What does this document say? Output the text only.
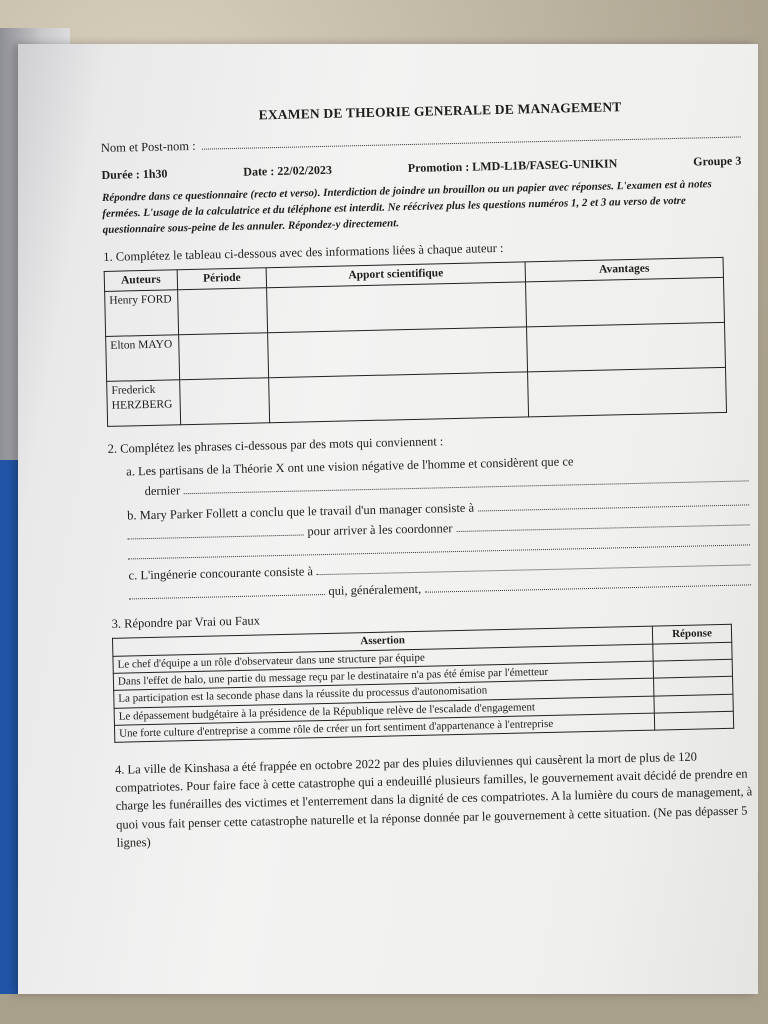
EXAMEN DE THEORIE GENERALE DE MANAGEMENT
Nom et Post-nom :
Durée : 1h30	Date : 22/02/2023	Promotion : LMD-L1B/FASEG-UNIKIN	Groupe 3
Répondre dans ce questionnaire (recto et verso). Interdiction de joindre un brouillon ou un papier avec réponses. L'examen est à notes fermées. L'usage de la calculatrice et du téléphone est interdit. Ne réécrivez plus les questions numéros 1, 2 et 3 au verso de votre questionnaire sous-peine de les annuler. Répondez-y directement.
1. Complétez le tableau ci-dessous avec des informations liées à chaque auteur :
Auteurs	Période	Apport scientifique	Avantages
Henry FORD			
Elton MAYO			
Frederick HERZBERG			
2. Complétez les phrases ci-dessous par des mots qui conviennent :
a. Les partisans de la Théorie X ont une vision négative de l'homme et considèrent que ce
dernier
b. Mary Parker Follett a conclu que le travail d'un manager consiste à
pour arriver à les coordonner
c. L'ingénerie concourante consiste à
qui, généralement,
3. Répondre par Vrai ou Faux
Assertion	Réponse
Le chef d'équipe a un rôle d'observateur dans une structure par équipe	
Dans l'effet de halo, une partie du message reçu par le destinataire n'a pas été émise par l'émetteur	
La participation est la seconde phase dans la réussite du processus d'autonomisation	
Le dépassement budgétaire à la présidence de la République relève de l'escalade d'engagement	
Une forte culture d'entreprise a comme rôle de créer un fort sentiment d'appartenance à l'entreprise	

4. La ville de Kinshasa a été frappée en octobre 2022 par des pluies diluviennes qui causèrent la mort de plus de 120 compatriotes. Pour faire face à cette catastrophe qui a endeuillé plusieurs familles, le gouvernement avait décidé de prendre en charge les funérailles des victimes et l'enterrement dans la dignité de ces compatriotes. A la lumière du cours de management, à quoi vous fait penser cette catastrophe naturelle et la réponse donnée par le gouvernement à cette situation. (Ne pas dépasser 5 lignes)
